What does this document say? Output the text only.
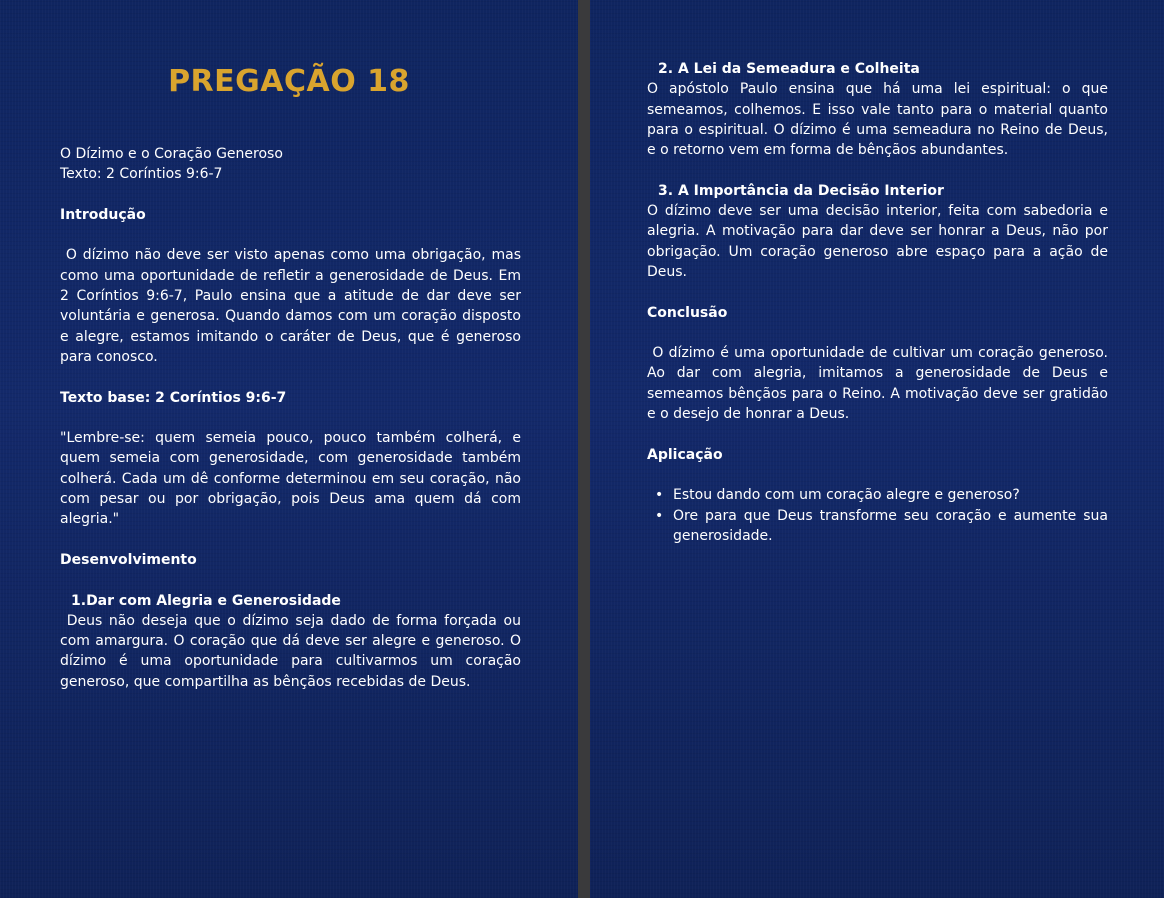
PREGAÇÃO 18
O Dízimo e o Coração Generoso
Texto: 2 Coríntios 9:6-7
Introdução

O dízimo não deve ser visto apenas como uma obrigação, mas como uma oportunidade de refletir a generosidade de Deus. Em 2 Coríntios 9:6-7, Paulo ensina que a atitude de dar deve ser voluntária e generosa. Quando damos com um coração disposto e alegre, estamos imitando o caráter de Deus, que é generoso para conosco.

Texto base: 2 Coríntios 9:6-7

"Lembre-se: quem semeia pouco, pouco também colherá, e quem semeia com generosidade, com generosidade também colherá. Cada um dê conforme determinou em seu coração, não com pesar ou por obrigação, pois Deus ama quem dá com alegria."

Desenvolvimento
1.Dar com Alegria e Generosidade

Deus não deseja que o dízimo seja dado de forma forçada ou com amargura. O coração que dá deve ser alegre e generoso. O dízimo é uma oportunidade para cultivarmos um coração generoso, que compartilha as bênçãos recebidas de Deus.

2. A Lei da Semeadura e Colheita

O apóstolo Paulo ensina que há uma lei espiritual: o que semeamos, colhemos. E isso vale tanto para o material quanto para o espiritual. O dízimo é uma semeadura no Reino de Deus, e o retorno vem em forma de bênçãos abundantes.

3. A Importância da Decisão Interior

O dízimo deve ser uma decisão interior, feita com sabedoria e alegria. A motivação para dar deve ser honrar a Deus, não por obrigação. Um coração generoso abre espaço para a ação de Deus.

Conclusão

O dízimo é uma oportunidade de cultivar um coração generoso. Ao dar com alegria, imitamos a generosidade de Deus e semeamos bênçãos para o Reino. A motivação deve ser gratidão e o desejo de honrar a Deus.

Aplicação
• Estou dando com um coração alegre e generoso?
• Ore para que Deus transforme seu coração e aumente sua generosidade.
